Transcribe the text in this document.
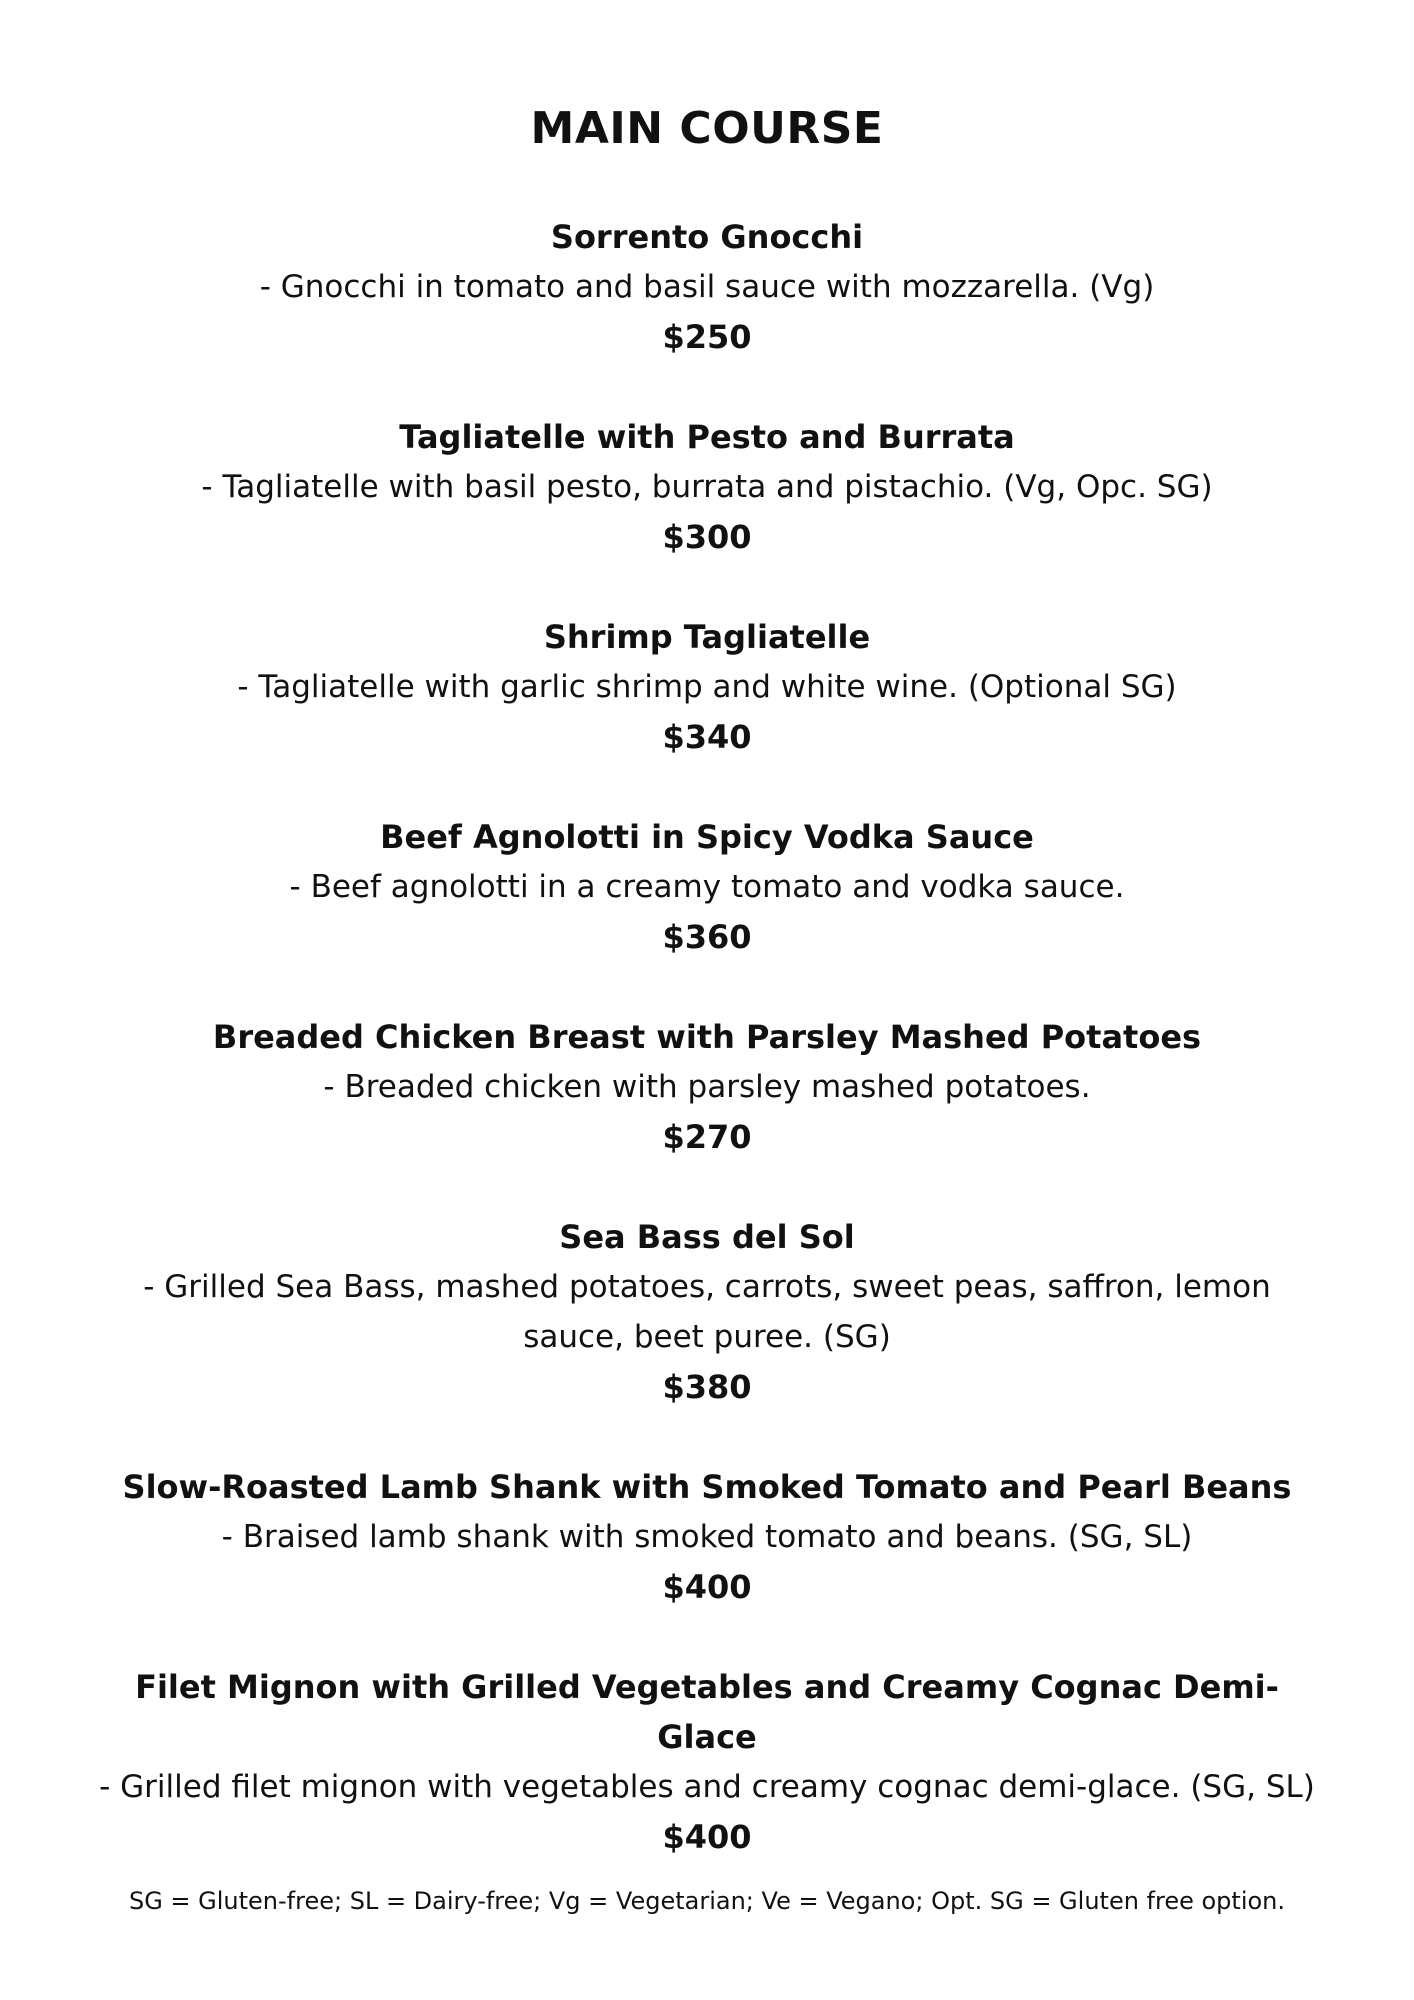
MAIN COURSE

Sorrento Gnocchi

- Gnocchi in tomato and basil sauce with mozzarella. (Vg)

$250

Tagliatelle with Pesto and Burrata

- Tagliatelle with basil pesto, burrata and pistachio. (Vg, Opc. SG)

$300

Shrimp Tagliatelle

- Tagliatelle with garlic shrimp and white wine. (Optional SG)

$340

Beef Agnolotti in Spicy Vodka Sauce

- Beef agnolotti in a creamy tomato and vodka sauce.

$360

Breaded Chicken Breast with Parsley Mashed Potatoes

- Breaded chicken with parsley mashed potatoes.

$270

Sea Bass del Sol

- Grilled Sea Bass, mashed potatoes, carrots, sweet peas, saffron, lemon sauce, beet puree. (SG)

$380

Slow-Roasted Lamb Shank with Smoked Tomato and Pearl Beans

- Braised lamb shank with smoked tomato and beans. (SG, SL)

$400

Filet Mignon with Grilled Vegetables and Creamy Cognac Demi-Glace

- Grilled filet mignon with vegetables and creamy cognac demi-glace. (SG, SL)

$400

SG = Gluten-free; SL = Dairy-free; Vg = Vegetarian; Ve = Vegano; Opt. SG = Gluten free option.
